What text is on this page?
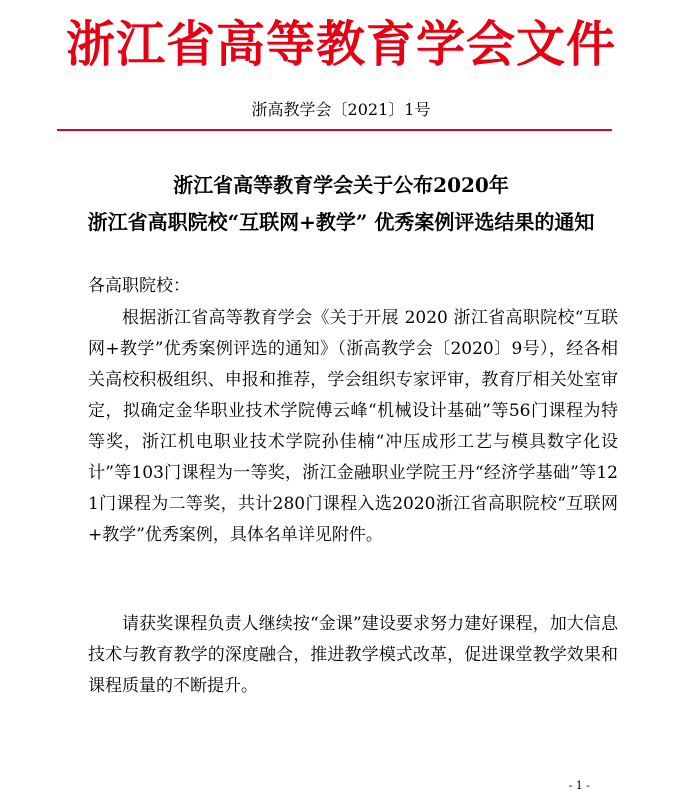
浙江省高等教育学会文件
浙高教学会〔2021〕1号
浙江省高等教育学会关于公布2020年
浙江省高职院校“互联网+教学” 优秀案例评选结果的通知
各高职院校：

根据浙江省高等教育学会《关于开展 2020 浙江省高职院校“互联网+教学”优秀案例评选的通知》（浙高教学会〔2020〕9号），经各相关高校积极组织、申报和推荐，学会组织专家评审，教育厅相关处室审定，拟确定金华职业技术学院傅云峰“机械设计基础”等56门课程为特等奖，浙江机电职业技术学院孙佳楠“冲压成形工艺与模具数字化设计”等103门课程为一等奖，浙江金融职业学院王丹“经济学基础”等121门课程为二等奖，共计280门课程入选2020浙江省高职院校“互联网+教学”优秀案例，具体名单详见附件。

请获奖课程负责人继续按“金课”建设要求努力建好课程，加大信息技术与教育教学的深度融合，推进教学模式改革，促进课堂教学效果和课程质量的不断提升。

- 1 -
